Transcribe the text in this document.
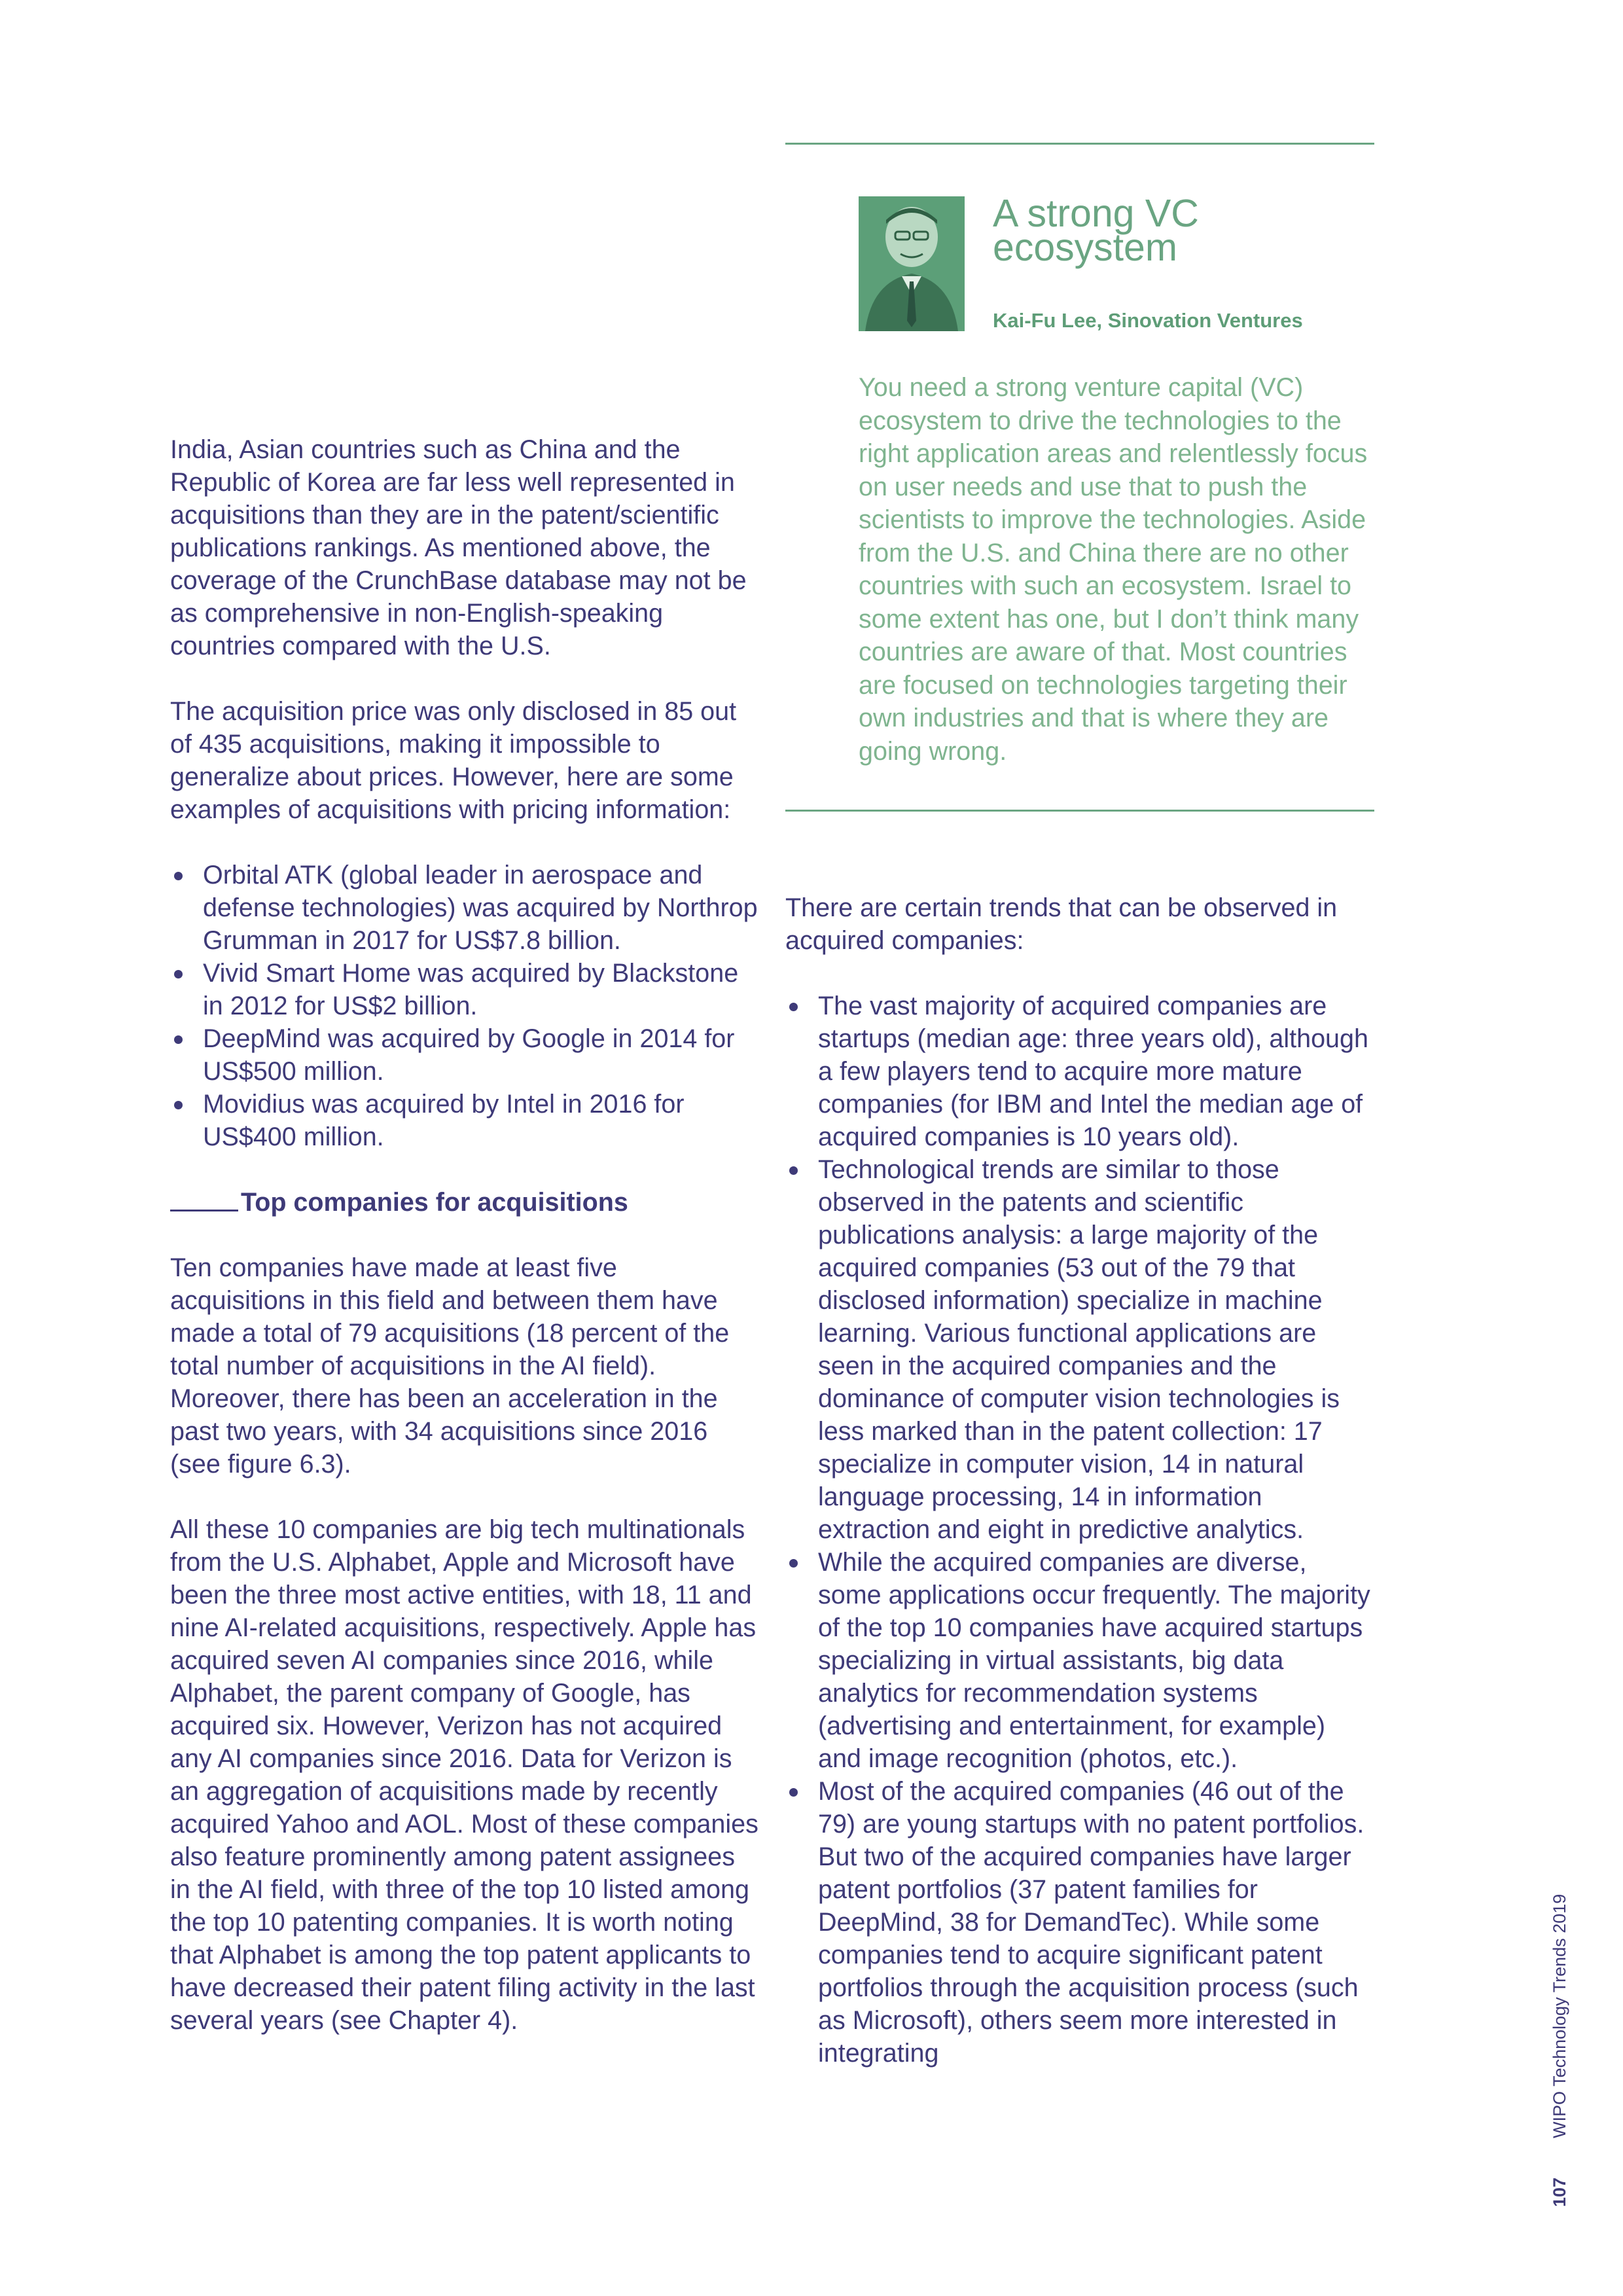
A strong VC ecosystem
Kai-Fu Lee, Sinovation Ventures

You need a strong venture capital (VC) ecosystem to drive the technologies to the right application areas and relentlessly focus on user needs and use that to push the scientists to improve the technologies. Aside from the U.S. and China there are no other countries with such an ecosystem. Israel to some extent has one, but I don’t think many countries are aware of that. Most countries are focused on technologies targeting their own industries and that is where they are going wrong.

India, Asian countries such as China and the Republic of Korea are far less well represented in acquisitions than they are in the patent/scientific publications rankings. As mentioned above, the coverage of the CrunchBase database may not be as comprehensive in non-English-speaking countries compared with the U.S.

The acquisition price was only disclosed in 85 out of 435 acquisitions, making it impossible to generalize about prices. However, here are some examples of acquisitions with pricing information:

Orbital ATK (global leader in aerospace and defense technologies) was acquired by Northrop Grumman in 2017 for US$7.8 billion.
Vivid Smart Home was acquired by Blackstone in 2012 for US$2 billion.
DeepMind was acquired by Google in 2014 for US$500 million.
Movidius was acquired by Intel in 2016 for US$400 million.
Top companies for acquisitions

Ten companies have made at least five acquisitions in this field and between them have made a total of 79 acquisitions (18 percent of the total number of acquisitions in the AI field). Moreover, there has been an acceleration in the past two years, with 34 acquisitions since 2016 (see figure 6.3).

All these 10 companies are big tech multinationals from the U.S. Alphabet, Apple and Microsoft have been the three most active entities, with 18, 11 and nine AI-related acquisitions, respectively. Apple has acquired seven AI companies since 2016, while Alphabet, the parent company of Google, has acquired six. However, Verizon has not acquired any AI companies since 2016. Data for Verizon is an aggregation of acquisitions made by recently acquired Yahoo and AOL. Most of these companies also feature prominently among patent assignees in the AI field, with three of the top 10 listed among the top 10 patenting companies. It is worth noting that Alphabet is among the top patent applicants to have decreased their patent filing activity in the last several years (see Chapter 4).

There are certain trends that can be observed in acquired companies:

The vast majority of acquired companies are startups (median age: three years old), although a few players tend to acquire more mature companies (for IBM and Intel the median age of acquired companies is 10 years old).
Technological trends are similar to those observed in the patents and scientific publications analysis: a large majority of the acquired companies (53 out of the 79 that disclosed information) specialize in machine learning. Various functional applications are seen in the acquired companies and the dominance of computer vision technologies is less marked than in the patent collection: 17 specialize in computer vision, 14 in natural language processing, 14 in information extraction and eight in predictive analytics.
While the acquired companies are diverse, some applications occur frequently. The majority of the top 10 companies have acquired startups specializing in virtual assistants, big data analytics for recommendation systems (advertising and entertainment, for example) and image recognition (photos, etc.).
Most of the acquired companies (46 out of the 79) are young startups with no patent portfolios. But two of the acquired companies have larger patent portfolios (37 patent families for DeepMind, 38 for DemandTec). While some companies tend to acquire significant patent portfolios through the acquisition process (such as Microsoft), others seem more interested in integrating
107WIPO Technology Trends 2019
